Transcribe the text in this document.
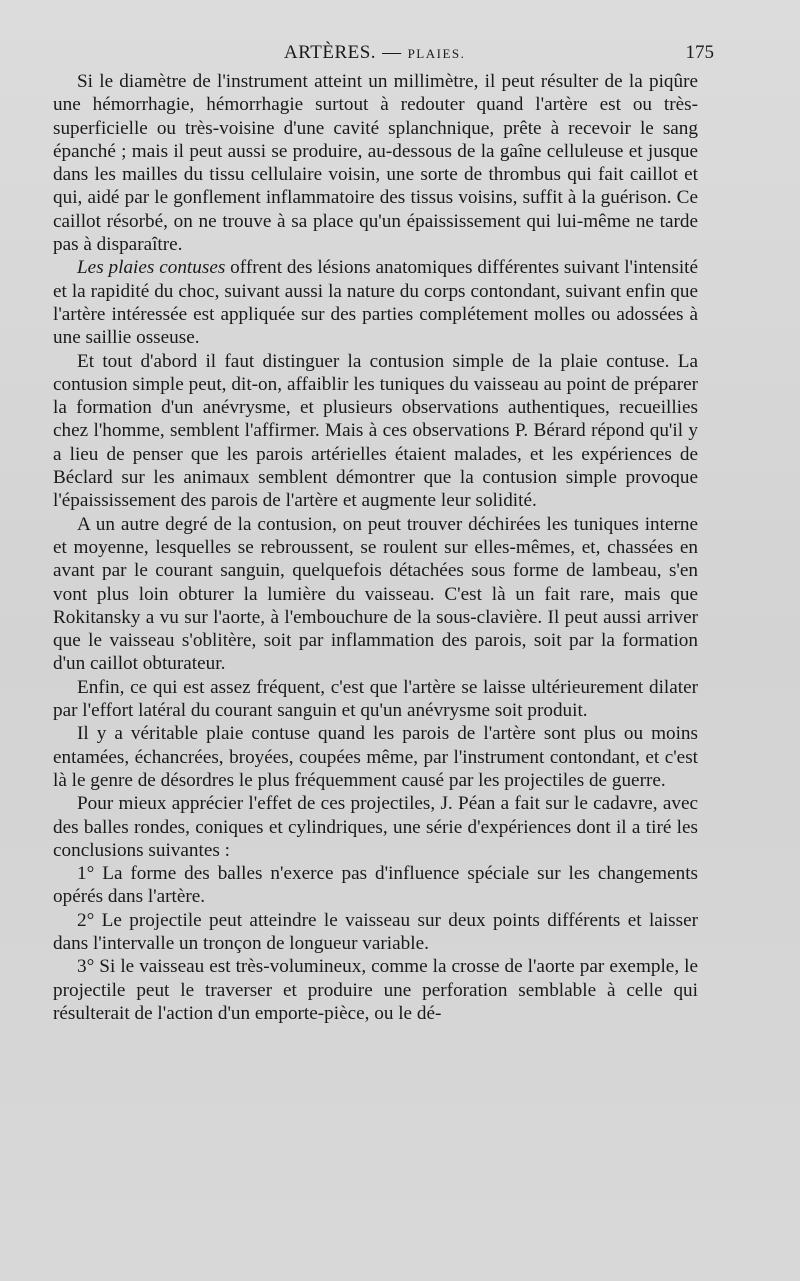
ARTÈRES. — PLAIES.	175

Si le diamètre de l'instrument atteint un millimètre, il peut résulter de la piqûre une hémorrhagie, hémorrhagie surtout à redouter quand l'artère est ou très-superficielle ou très-voisine d'une cavité splanchnique, prête à recevoir le sang épanché ; mais il peut aussi se produire, au-dessous de la gaîne celluleuse et jusque dans les mailles du tissu cellulaire voisin, une sorte de thrombus qui fait caillot et qui, aidé par le gonflement inflammatoire des tissus voisins, suffit à la guérison. Ce caillot résorbé, on ne trouve à sa place qu'un épaississement qui lui-même ne tarde pas à disparaître.

Les plaies contuses offrent des lésions anatomiques différentes suivant l'intensité et la rapidité du choc, suivant aussi la nature du corps contondant, suivant enfin que l'artère intéressée est appliquée sur des parties complétement molles ou adossées à une saillie osseuse.

Et tout d'abord il faut distinguer la contusion simple de la plaie contuse. La contusion simple peut, dit-on, affaiblir les tuniques du vaisseau au point de préparer la formation d'un anévrysme, et plusieurs observations authentiques, recueillies chez l'homme, semblent l'affirmer. Mais à ces observations P. Bérard répond qu'il y a lieu de penser que les parois artérielles étaient malades, et les expériences de Béclard sur les animaux semblent démontrer que la contusion simple provoque l'épaississement des parois de l'artère et augmente leur solidité.

A un autre degré de la contusion, on peut trouver déchirées les tuniques interne et moyenne, lesquelles se rebroussent, se roulent sur elles-mêmes, et, chassées en avant par le courant sanguin, quelquefois détachées sous forme de lambeau, s'en vont plus loin obturer la lumière du vaisseau. C'est là un fait rare, mais que Rokitansky a vu sur l'aorte, à l'embouchure de la sous-clavière. Il peut aussi arriver que le vaisseau s'oblitère, soit par inflammation des parois, soit par la formation d'un caillot obturateur.

Enfin, ce qui est assez fréquent, c'est que l'artère se laisse ultérieurement dilater par l'effort latéral du courant sanguin et qu'un anévrysme soit produit.

Il y a véritable plaie contuse quand les parois de l'artère sont plus ou moins entamées, échancrées, broyées, coupées même, par l'instrument contondant, et c'est là le genre de désordres le plus fréquemment causé par les projectiles de guerre.

Pour mieux apprécier l'effet de ces projectiles, J. Péan a fait sur le cadavre, avec des balles rondes, coniques et cylindriques, une série d'expériences dont il a tiré les conclusions suivantes :

1° La forme des balles n'exerce pas d'influence spéciale sur les changements opérés dans l'artère.

2° Le projectile peut atteindre le vaisseau sur deux points différents et laisser dans l'intervalle un tronçon de longueur variable.

3° Si le vaisseau est très-volumineux, comme la crosse de l'aorte par exemple, le projectile peut le traverser et produire une perforation semblable à celle qui résulterait de l'action d'un emporte-pièce, ou le dé-
